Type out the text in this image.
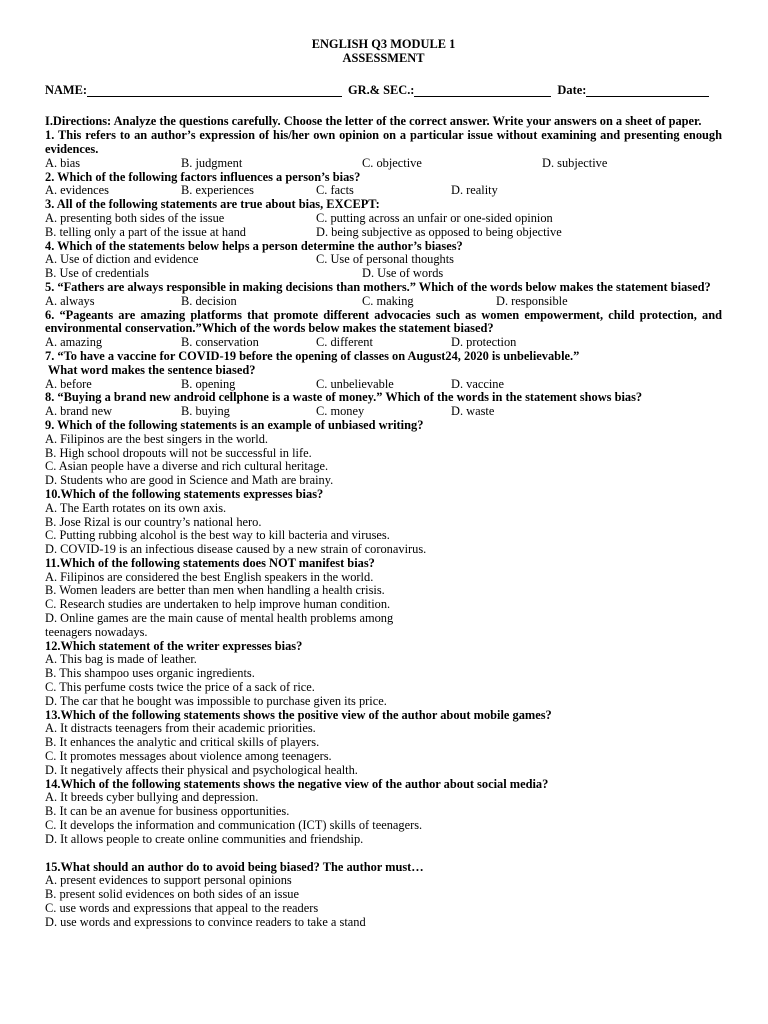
ENGLISH Q3 MODULE 1
ASSESSMENT
NAME:	GR.& SEC.:	Date:
I.Directions: Analyze the questions carefully. Choose the letter of the correct answer. Write your answers on a sheet of paper.
1. This refers to an author’s expression of his/her own opinion on a particular issue without examining and presenting enough evidences.
A. bias	B. judgment	C. objective	D. subjective
2. Which of the following factors influences a person’s bias?
A. evidences	B. experiences	C. facts	D. reality
3. All of the following statements are true about bias, EXCEPT:
A. presenting both sides of the issue	C. putting across an unfair or one-sided opinion
B. telling only a part of the issue at hand	D. being subjective as opposed to being objective
4. Which of the statements below helps a person determine the author’s biases?
A. Use of diction and evidence	C. Use of personal thoughts
B. Use of credentials	D. Use of words
5. “Fathers are always responsible in making decisions than mothers.” Which of the words below makes the statement biased?
A. always	B. decision	C. making	D. responsible
6. “Pageants are amazing platforms that promote different advocacies such as women empowerment, child protection, and environmental conservation.”Which of the words below makes the statement biased?
A. amazing	B. conservation	C. different	D. protection
7. “To have a vaccine for COVID-19 before the opening of classes on August24, 2020 is unbelievable.”
What word makes the sentence biased?
A. before	B. opening	C. unbelievable	D. vaccine
8. “Buying a brand new android cellphone is a waste of money.” Which of the words in the statement shows bias?
A. brand new	B. buying	C. money	D. waste
9. Which of the following statements is an example of unbiased writing?
A. Filipinos are the best singers in the world.
B. High school dropouts will not be successful in life.
C. Asian people have a diverse and rich cultural heritage.
D. Students who are good in Science and Math are brainy.
10.Which of the following statements expresses bias?
A. The Earth rotates on its own axis.
B. Jose Rizal is our country’s national hero.
C. Putting rubbing alcohol is the best way to kill bacteria and viruses.
D. COVID-19 is an infectious disease caused by a new strain of coronavirus.
11.Which of the following statements does NOT manifest bias?
A. Filipinos are considered the best English speakers in the world.
B. Women leaders are better than men when handling a health crisis.
C. Research studies are undertaken to help improve human condition.
D. Online games are the main cause of mental health problems among
teenagers nowadays.
12.Which statement of the writer expresses bias?
A. This bag is made of leather.
B. This shampoo uses organic ingredients.
C. This perfume costs twice the price of a sack of rice.
D. The car that he bought was impossible to purchase given its price.
13.Which of the following statements shows the positive view of the author about mobile games?
A. It distracts teenagers from their academic priorities.
B. It enhances the analytic and critical skills of players.
C. It promotes messages about violence among teenagers.
D. It negatively affects their physical and psychological health.
14.Which of the following statements shows the negative view of the author about social media?
A. It breeds cyber bullying and depression.
B. It can be an avenue for business opportunities.
C. It develops the information and communication (ICT) skills of teenagers.
D. It allows people to create online communities and friendship.
15.What should an author do to avoid being biased? The author must…
A. present evidences to support personal opinions
B. present solid evidences on both sides of an issue
C. use words and expressions that appeal to the readers
D. use words and expressions to convince readers to take a stand
